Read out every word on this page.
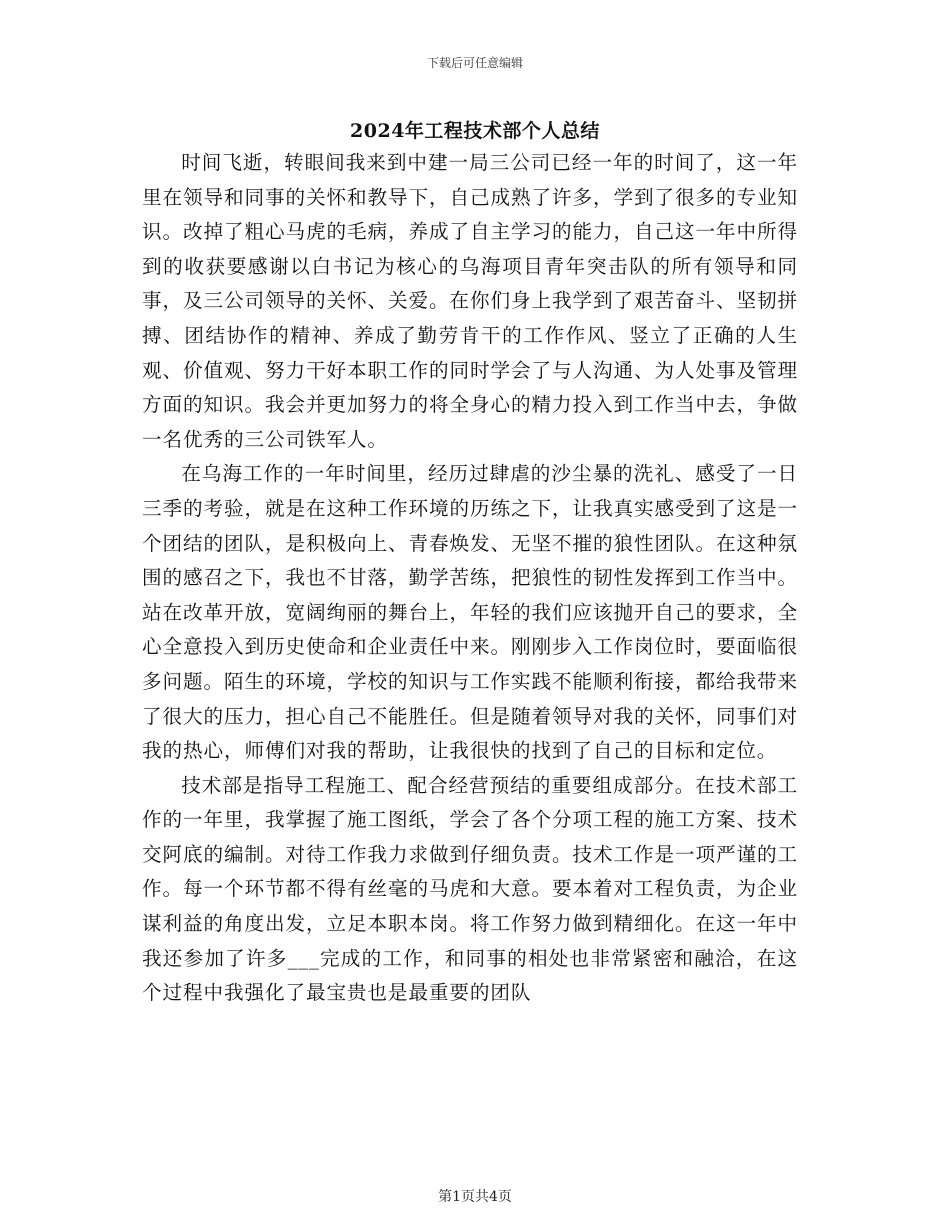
下载后可任意编辑
2024年工程技术部个人总结

时间飞逝，转眼间我来到中建一局三公司已经一年的时间了，这一年里在领导和同事的关怀和教导下，自己成熟了许多，学到了很多的专业知识。改掉了粗心马虎的毛病，养成了自主学习的能力，自己这一年中所得到的收获要感谢以白书记为核心的乌海项目青年突击队的所有领导和同事，及三公司领导的关怀、关爱。在你们身上我学到了艰苦奋斗、坚韧拼搏、团结协作的精神、养成了勤劳肯干的工作作风、竖立了正确的人生观、价值观、努力干好本职工作的同时学会了与人沟通、为人处事及管理方面的知识。我会并更加努力的将全身心的精力投入到工作当中去，争做一名优秀的三公司铁军人。

在乌海工作的一年时间里，经历过肆虐的沙尘暴的洗礼、感受了一日三季的考验，就是在这种工作环境的历练之下，让我真实感受到了这是一个团结的团队，是积极向上、青春焕发、无坚不摧的狼性团队。在这种氛围的感召之下，我也不甘落，勤学苦练，把狼性的韧性发挥到工作当中。站在改革开放，宽阔绚丽的舞台上，年轻的我们应该抛开自己的要求，全心全意投入到历史使命和企业责任中来。刚刚步入工作岗位时，要面临很多问题。陌生的环境，学校的知识与工作实践不能顺利衔接，都给我带来了很大的压力，担心自己不能胜任。但是随着领导对我的关怀，同事们对我的热心，师傅们对我的帮助，让我很快的找到了自己的目标和定位。

技术部是指导工程施工、配合经营预结的重要组成部分。在技术部工作的一年里，我掌握了施工图纸，学会了各个分项工程的施工方案、技术交阿底的编制。对待工作我力求做到仔细负责。技术工作是一项严谨的工作。每一个环节都不得有丝毫的马虎和大意。要本着对工程负责，为企业谋利益的角度出发，立足本职本岗。将工作努力做到精细化。在这一年中我还参加了许多___完成的工作，和同事的相处也非常紧密和融洽，在这个过程中我强化了最宝贵也是最重要的团队

第1页共4页
